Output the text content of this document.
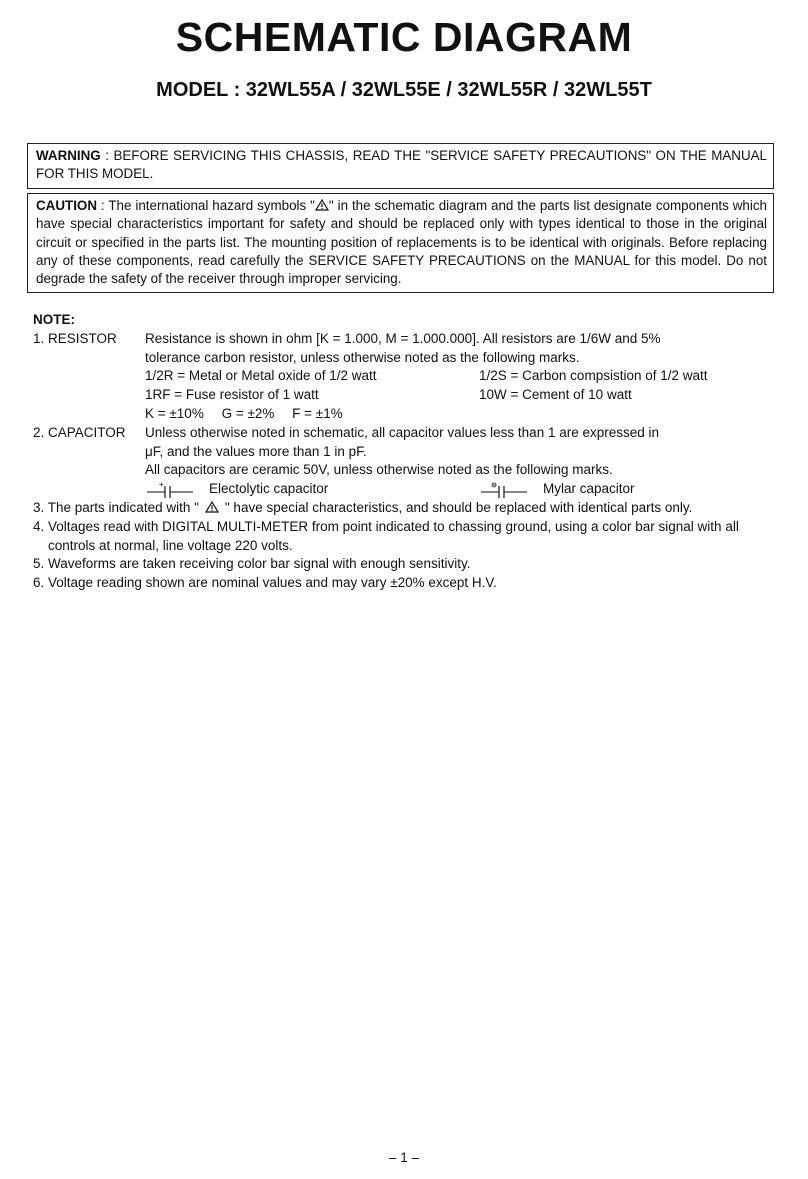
SCHEMATIC DIAGRAM
MODEL : 32WL55A / 32WL55E / 32WL55R / 32WL55T
WARNING : BEFORE SERVICING THIS CHASSIS, READ THE "SERVICE SAFETY PRECAUTIONS" ON THE MANUAL FOR THIS MODEL.
CAUTION : The international hazard symbols " " in the schematic diagram and the parts list designate components which have special characteristics important for safety and should be replaced only with types identical to those in the original circuit or specified in the parts list. The mounting position of replacements is to be identical with originals. Before replacing any of these components, read carefully the SERVICE SAFETY PRECAUTIONS on the MANUAL for this model. Do not degrade the safety of the receiver through improper servicing.
NOTE:
1. RESISTOR	Resistance is shown in ohm [K = 1.000, M = 1.000.000]. All resistors are 1/6W and 5%
tolerance carbon resistor, unless otherwise noted as the following marks.
1/2R = Metal or Metal oxide of 1/2 watt	1/2S = Carbon compsistion of 1/2 watt
1RF = Fuse resistor of 1 watt	10W = Cement of 10 watt
K = ±10% G = ±2% F = ±1%
2. CAPACITOR	Unless otherwise noted in schematic, all capacitor values less than 1 are expressed in
μF, and the values more than 1 in pF.
All capacitors are ceramic 50V, unless otherwise noted as the following marks.
+	Electolytic capacitor	Mylar capacitor
3. The parts indicated with " " have special characteristics, and should be replaced with identical parts only.
4. Voltages read with DIGITAL MULTI-METER from point indicated to chassing ground, using a color bar signal with all controls at normal, line voltage 220 volts.
5. Waveforms are taken receiving color bar signal with enough sensitivity.
6. Voltage reading shown are nominal values and may vary ±20% except H.V.
– 1 –
